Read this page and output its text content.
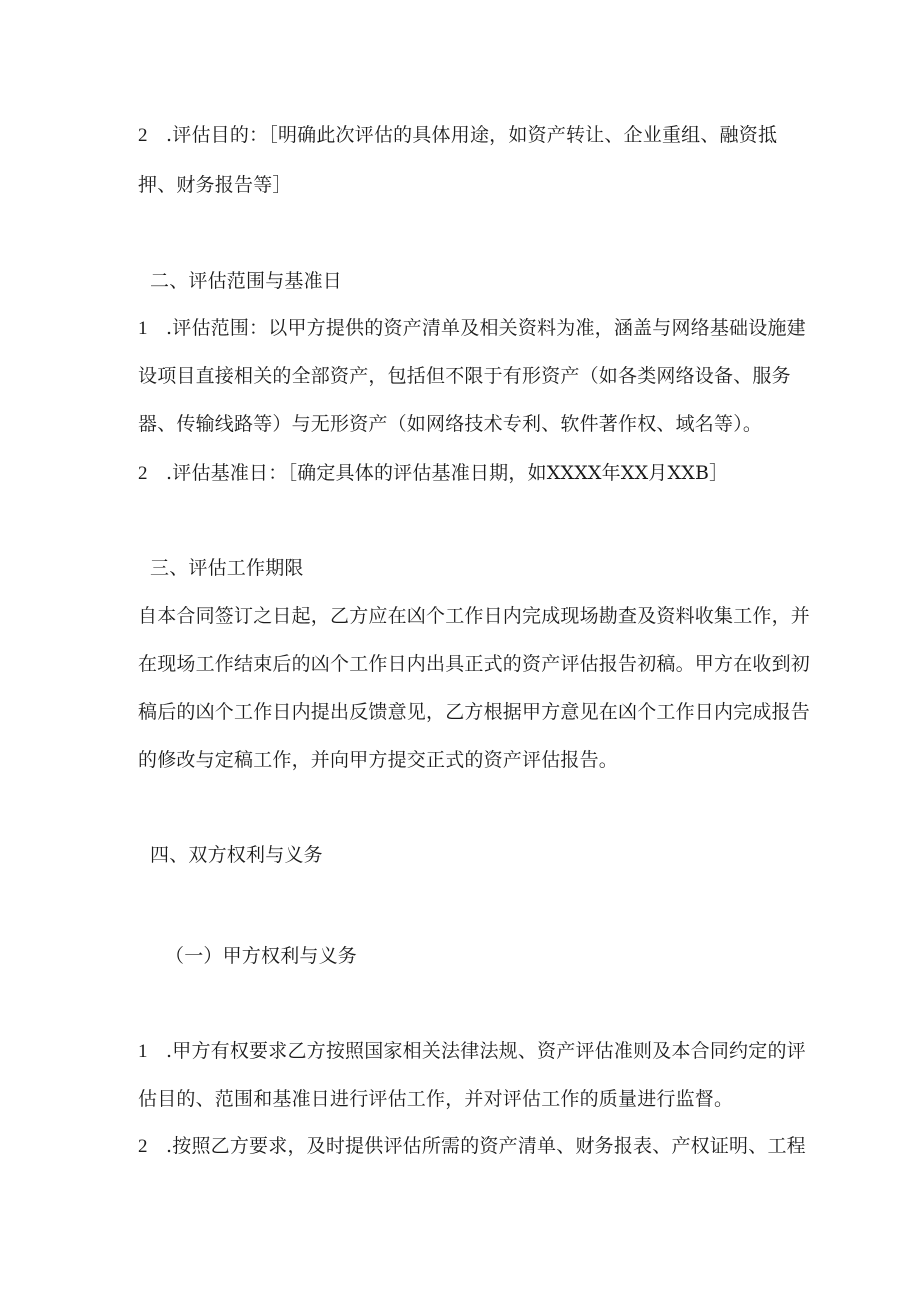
2 .评估目的：［明确此次评估的具体用途，如资产转让、企业重组、融资抵
押、财务报告等］
二、评估范围与基准日
1 .评估范围：以甲方提供的资产清单及相关资料为准，涵盖与网络基础设施建
设项目直接相关的全部资产，包括但不限于有形资产（如各类网络设备、服务
器、传输线路等）与无形资产（如网络技术专利、软件著作权、域名等）。
2 .评估基准日：［确定具体的评估基准日期，如XXXX年XX月XXB］
三、评估工作期限
自本合同签订之日起，乙方应在凶个工作日内完成现场勘查及资料收集工作，并
在现场工作结束后的凶个工作日内出具正式的资产评估报告初稿。甲方在收到初
稿后的凶个工作日内提出反馈意见，乙方根据甲方意见在凶个工作日内完成报告
的修改与定稿工作，并向甲方提交正式的资产评估报告。
四、双方权利与义务
（一）甲方权利与义务
1 .甲方有权要求乙方按照国家相关法律法规、资产评估准则及本合同约定的评
估目的、范围和基准日进行评估工作，并对评估工作的质量进行监督。
2 .按照乙方要求，及时提供评估所需的资产清单、财务报表、产权证明、工程
